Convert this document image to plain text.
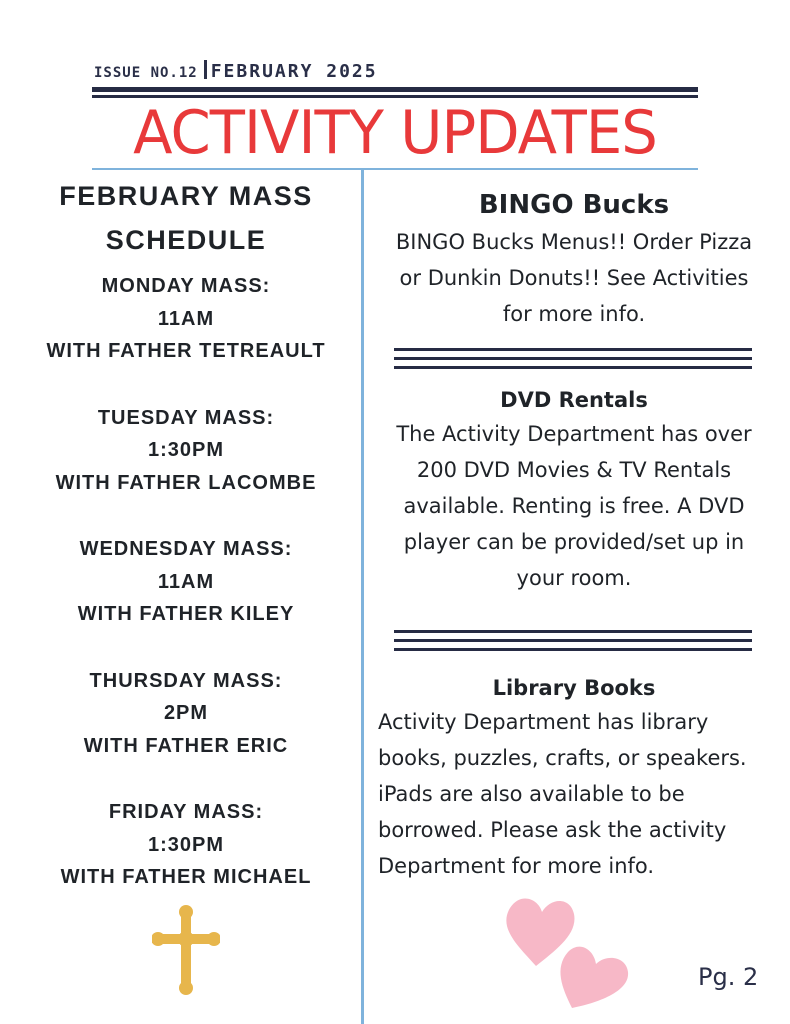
ISSUE NO.12 FEBRUARY 2025
ACTIVITY UPDATES
FEBRUARY MASS
SCHEDULE
MONDAY MASS:
11AM
WITH FATHER TETREAULT
TUESDAY MASS:
1:30PM
WITH FATHER LACOMBE
WEDNESDAY MASS:
11AM
WITH FATHER KILEY
THURSDAY MASS:
2PM
WITH FATHER ERIC
FRIDAY MASS:
1:30PM
WITH FATHER MICHAEL
BINGO Bucks
BINGO Bucks Menus!! Order Pizza
or Dunkin Donuts!! See Activities
for more info.
DVD Rentals
The Activity Department has over
200 DVD Movies & TV Rentals
available. Renting is free. A DVD
player can be provided/set up in
your room.
Library Books
Activity Department has library
books, puzzles, crafts, or speakers.
iPads are also available to be
borrowed. Please ask the activity
Department for more info.
Pg. 2
